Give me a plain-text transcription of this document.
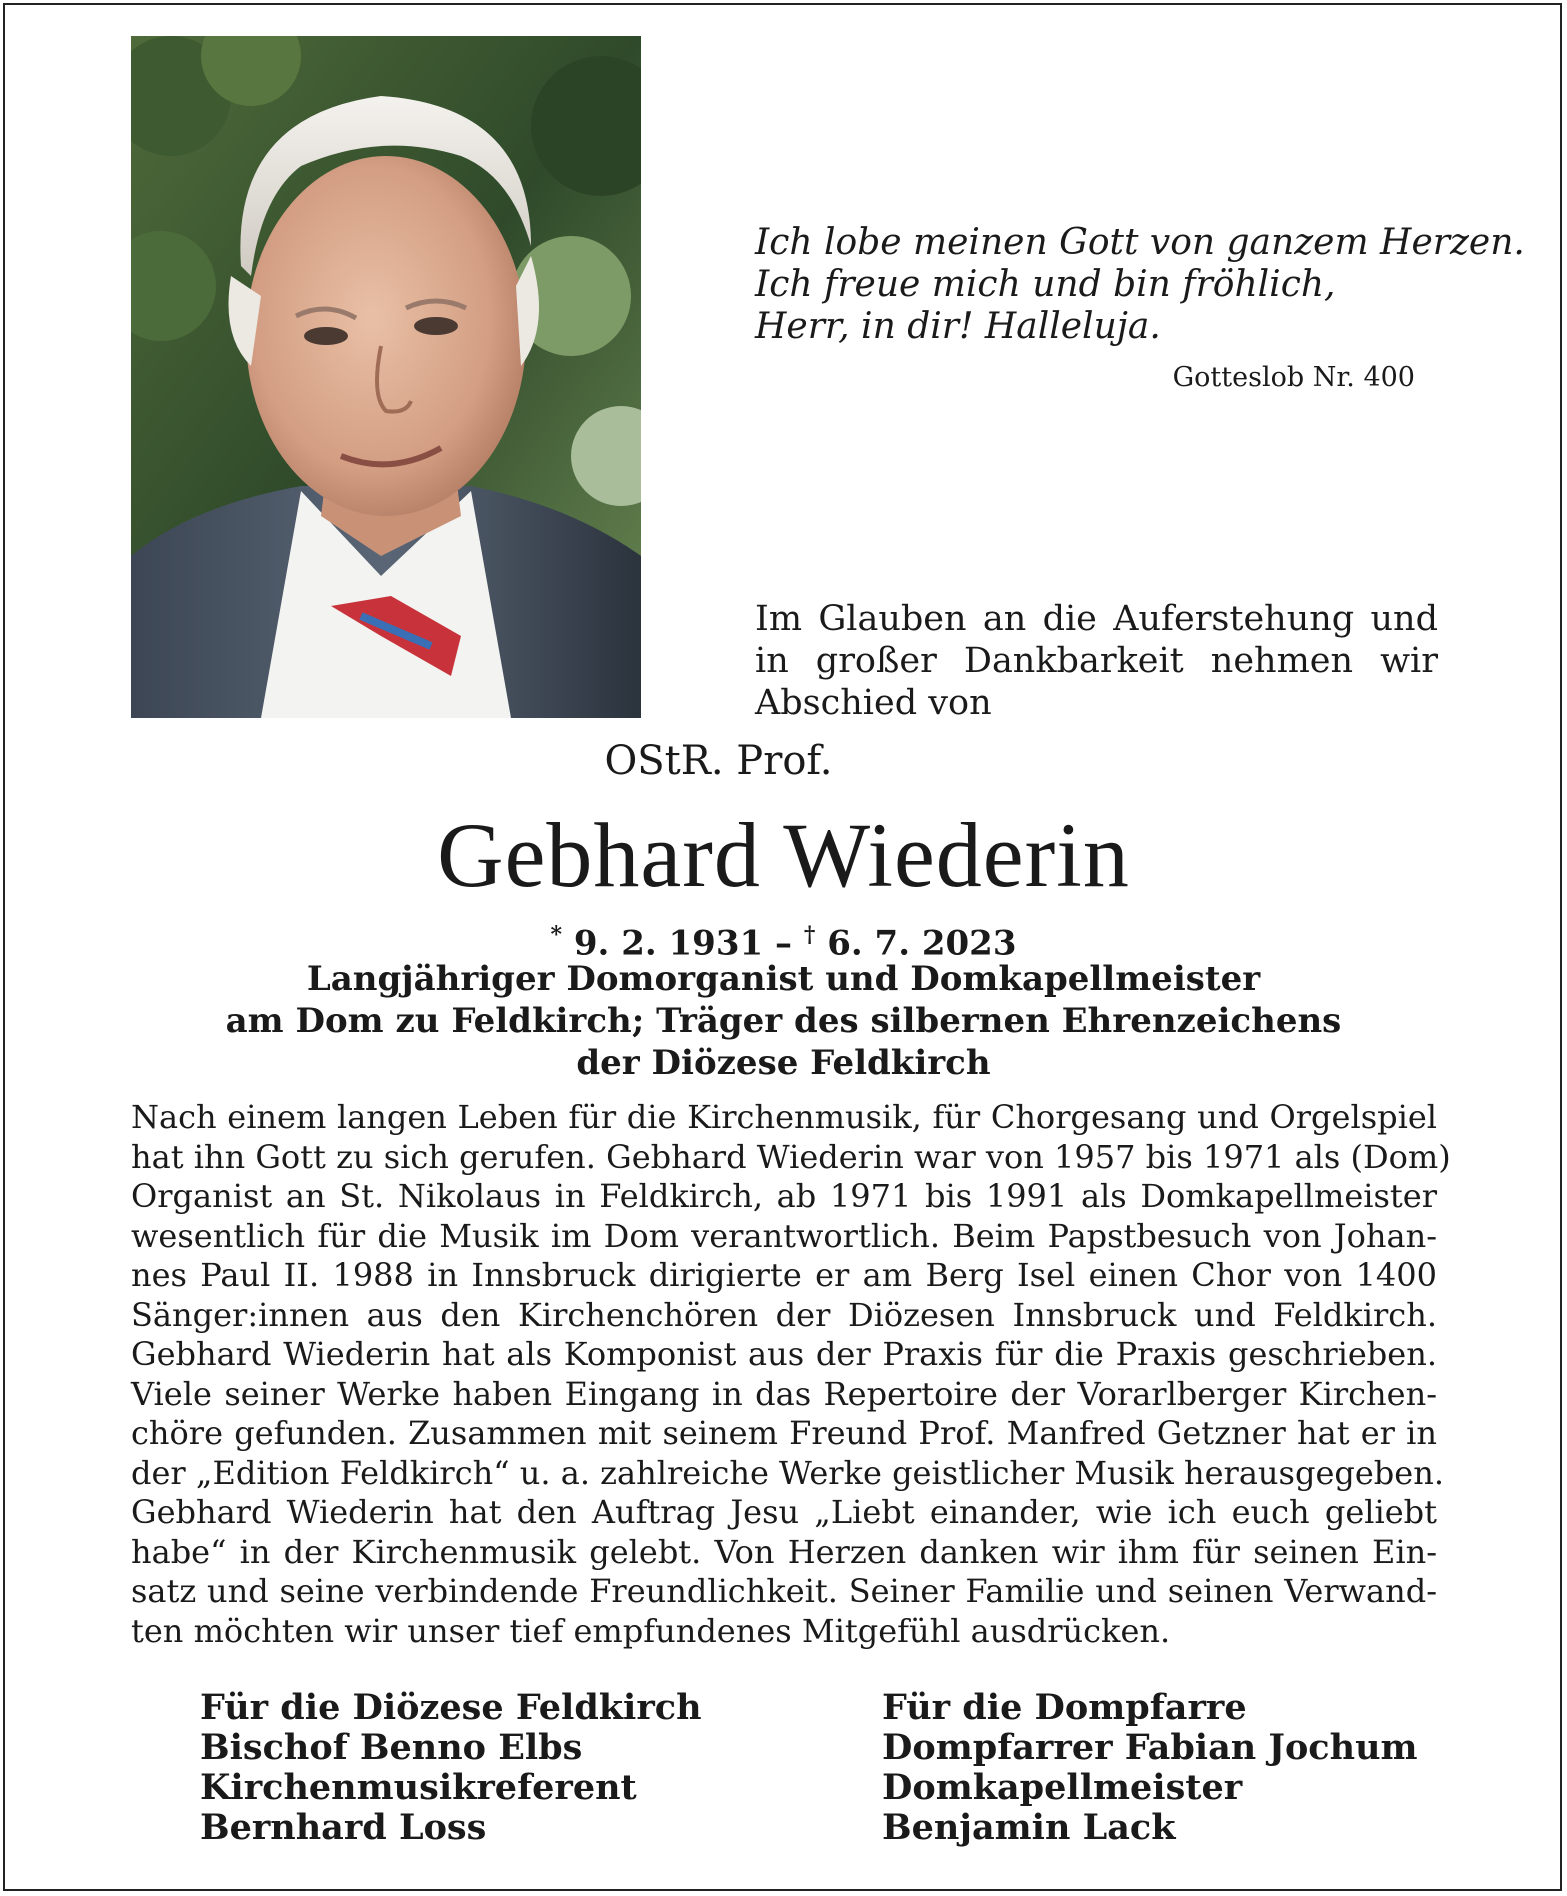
Ich lobe meinen Gott von ganzem Herzen.
Ich freue mich und bin fröhlich,
Herr, in dir! Halleluja.
Gotteslob Nr. 400
Im Glauben an die Auferstehung und
in großer Dankbarkeit nehmen wir
Abschied von
OStR. Prof.
Gebhard Wiederin
* 9. 2. 1931 – † 6. 7. 2023
Langjähriger Domorganist und Domkapellmeister
am Dom zu Feldkirch; Träger des silbernen Ehrenzeichens
der Diözese Feldkirch
Nach einem langen Leben für die Kirchenmusik, für Chorgesang und Orgelspiel
hat ihn Gott zu sich gerufen. Gebhard Wiederin war von 1957 bis 1971 als (Dom)
Organist an St. Nikolaus in Feldkirch, ab 1971 bis 1991 als Domkapellmeister
wesentlich für die Musik im Dom verantwortlich. Beim Papstbesuch von Johan-
nes Paul II. 1988 in Innsbruck dirigierte er am Berg Isel einen Chor von 1400
Sänger:innen aus den Kirchenchören der Diözesen Innsbruck und Feldkirch.
Gebhard Wiederin hat als Komponist aus der Praxis für die Praxis geschrieben.
Viele seiner Werke haben Eingang in das Repertoire der Vorarlberger Kirchen-
chöre gefunden. Zusammen mit seinem Freund Prof. Manfred Getzner hat er in
der „Edition Feldkirch“ u. a. zahlreiche Werke geistlicher Musik herausgegeben.
Gebhard Wiederin hat den Auftrag Jesu „Liebt einander, wie ich euch geliebt
habe“ in der Kirchenmusik gelebt. Von Herzen danken wir ihm für seinen Ein-
satz und seine verbindende Freundlichkeit. Seiner Familie und seinen Verwand-
ten möchten wir unser tief empfundenes Mitgefühl ausdrücken.
Für die Diözese Feldkirch
Bischof Benno Elbs
Kirchenmusikreferent
Bernhard Loss
Für die Dompfarre
Dompfarrer Fabian Jochum
Domkapellmeister
Benjamin Lack
